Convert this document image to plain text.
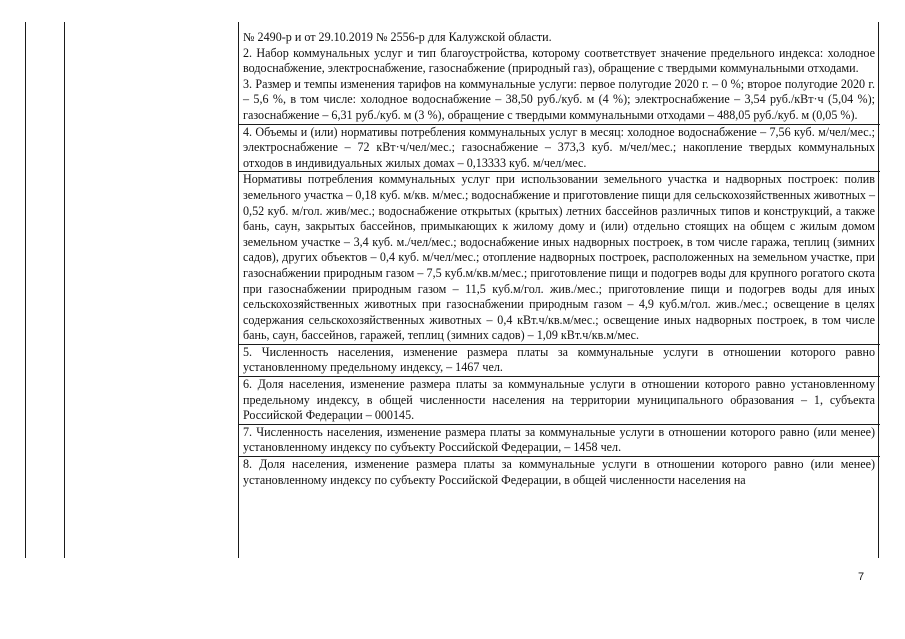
№ 2490-р и от 29.10.2019 № 2556-р для Калужской области.
2. Набор коммунальных услуг и тип благоустройства, которому соответствует значение предельного индекса: холодное водоснабжение, электроснабжение, газоснабжение (природный газ), обращение с твердыми коммунальными отходами.
3. Размер и темпы изменения тарифов на коммунальные услуги: первое полугодие 2020 г. – 0 %; второе полугодие 2020 г. – 5,6 %, в том числе: холодное водоснабжение – 38,50 руб./куб. м (4 %); электроснабжение – 3,54 руб./кВт·ч (5,04 %); газоснабжение – 6,31 руб./куб. м (3 %), обращение с твердыми коммунальными отходами – 488,05 руб./куб. м (0,05 %).
4. Объемы и (или) нормативы потребления коммунальных услуг в месяц: холодное водоснабжение – 7,56 куб. м/чел/мес.; электроснабжение – 72 кВт·ч/чел/мес.; газоснабжение – 373,3 куб. м/чел/мес.; накопление твердых коммунальных отходов в индивидуальных жилых домах – 0,13333 куб. м/чел/мес.
Нормативы потребления коммунальных услуг при использовании земельного участка и надворных построек: полив земельного участка – 0,18 куб. м/кв. м/мес.; водоснабжение и приготовление пищи для сельскохозяйственных животных – 0,52 куб. м/гол. жив/мес.; водоснабжение открытых (крытых) летних бассейнов различных типов и конструкций, а также бань, саун, закрытых бассейнов, примыкающих к жилому дому и (или) отдельно стоящих на общем с жилым домом земельном участке – 3,4 куб. м./чел/мес.; водоснабжение иных надворных построек, в том числе гаража, теплиц (зимних садов), других объектов – 0,4 куб. м/чел/мес.; отопление надворных построек, расположенных на земельном участке, при газоснабжении природным газом – 7,5 куб.м/кв.м/мес.; приготовление пищи и подогрев воды для крупного рогатого скота при газоснабжении природным газом – 11,5 куб.м/гол. жив./мес.; приготовление пищи и подогрев воды для иных сельскохозяйственных животных при газоснабжении природным газом – 4,9 куб.м/гол. жив./мес.; освещение в целях содержания сельскохозяйственных животных – 0,4 кВт.ч/кв.м/мес.; освещение иных надворных построек, в том числе бань, саун, бассейнов, гаражей, теплиц (зимних садов) – 1,09 кВт.ч/кв.м/мес.
5. Численность населения, изменение размера платы за коммунальные услуги в отношении которого равно установленному предельному индексу, – 1467 чел.
6. Доля населения, изменение размера платы за коммунальные услуги в отношении которого равно установленному предельному индексу, в общей численности населения на территории муниципального образования – 1, субъекта Российской Федерации – 000145.
7. Численность населения, изменение размера платы за коммунальные услуги в отношении которого равно (или менее) установленному индексу по субъекту Российской Федерации, – 1458 чел.
8. Доля населения, изменение размера платы за коммунальные услуги в отношении которого равно (или менее) установленному индексу по субъекту Российской Федерации, в общей численности населения на
7
